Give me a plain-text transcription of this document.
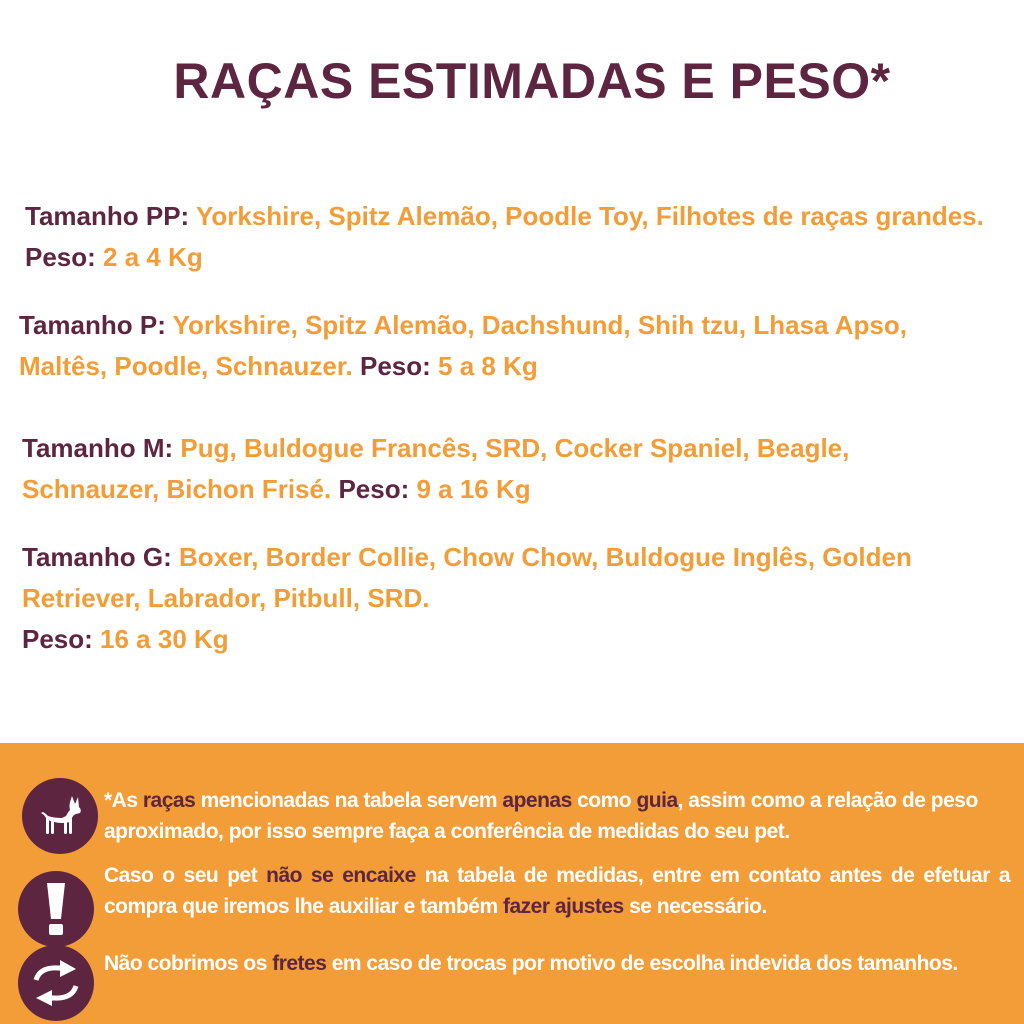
RAÇAS ESTIMADAS E PESO*
Tamanho PP: Yorkshire, Spitz Alemão, Poodle Toy, Filhotes de raças grandes. Peso: 2 a 4 Kg
Tamanho P: Yorkshire, Spitz Alemão, Dachshund, Shih tzu, Lhasa Apso, Maltês, Poodle, Schnauzer. Peso: 5 a 8 Kg
Tamanho M: Pug, Buldogue Francês, SRD, Cocker Spaniel, Beagle, Schnauzer, Bichon Frisé. Peso: 9 a 16 Kg
Tamanho G: Boxer, Border Collie, Chow Chow, Buldogue Inglês, Golden Retriever, Labrador, Pitbull, SRD.
Peso: 16 a 30 Kg
*As raças mencionadas na tabela servem apenas como guia, assim como a relação de peso aproximado, por isso sempre faça a conferência de medidas do seu pet.
Caso o seu pet não se encaixe na tabela de medidas, entre em contato antes de efetuar a compra que iremos lhe auxiliar e também fazer ajustes se necessário.
Não cobrimos os fretes em caso de trocas por motivo de escolha indevida dos tamanhos.
